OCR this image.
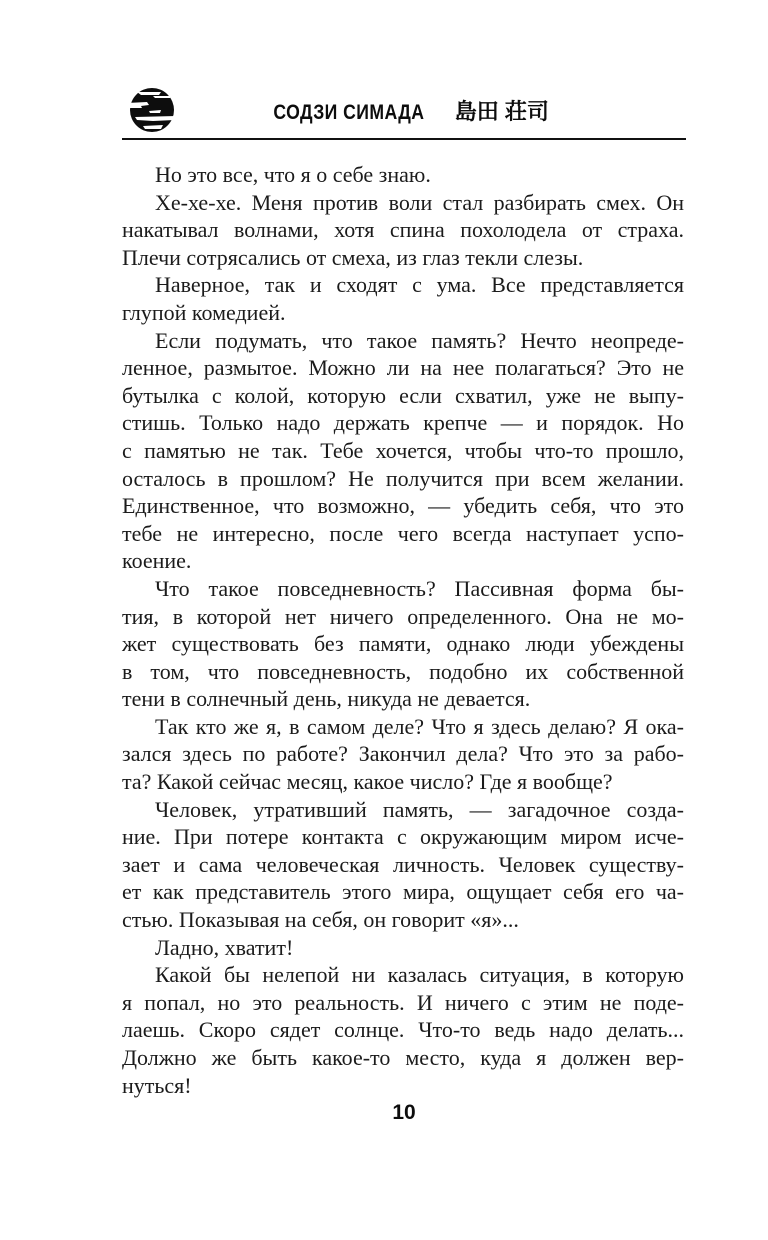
СОДЗИ СИМАДА 島田 荘司
Но это все, что я о себе знаю.
Хе-хе-хе. Меня против воли стал разбирать смех. Он
накатывал волнами, хотя спина похолодела от страха.
Плечи сотрясались от смеха, из глаз текли слезы.
Наверное, так и сходят с ума. Все представляется
глупой комедией.
Если подумать, что такое память? Нечто неопреде-
ленное, размытое. Можно ли на нее полагаться? Это не
бутылка с колой, которую если схватил, уже не выпу-
стишь. Только надо держать крепче — и порядок. Но
с памятью не так. Тебе хочется, чтобы что-то прошло,
осталось в прошлом? Не получится при всем желании.
Единственное, что возможно, — убедить себя, что это
тебе не интересно, после чего всегда наступает успо-
коение.
Что такое повседневность? Пассивная форма бы-
тия, в которой нет ничего определенного. Она не мо-
жет существовать без памяти, однако люди убеждены
в том, что повседневность, подобно их собственной
тени в солнечный день, никуда не девается.
Так кто же я, в самом деле? Что я здесь делаю? Я ока-
зался здесь по работе? Закончил дела? Что это за рабо-
та? Какой сейчас месяц, какое число? Где я вообще?
Человек, утративший память, — загадочное созда-
ние. При потере контакта с окружающим миром исче-
зает и сама человеческая личность. Человек существу-
ет как представитель этого мира, ощущает себя его ча-
стью. Показывая на себя, он говорит «я»...
Ладно, хватит!
Какой бы нелепой ни казалась ситуация, в которую
я попал, но это реальность. И ничего с этим не поде-
лаешь. Скоро сядет солнце. Что-то ведь надо делать...
Должно же быть какое-то место, куда я должен вер-
нуться!
10
